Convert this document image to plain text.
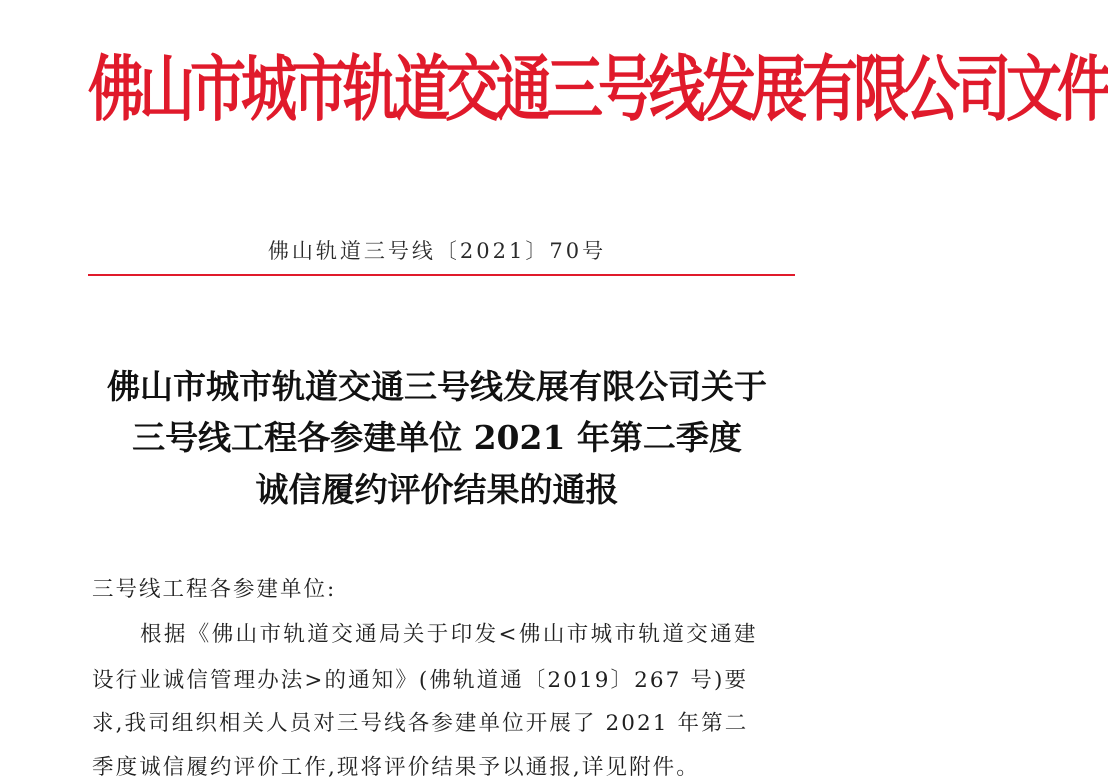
佛山市城市轨道交通三号线发展有限公司文件
佛山轨道三号线〔2021〕70号
佛山市城市轨道交通三号线发展有限公司关于
三号线工程各参建单位 2021 年第二季度
诚信履约评价结果的通报
三号线工程各参建单位:
根据《佛山市轨道交通局关于印发<佛山市城市轨道交通建
设行业诚信管理办法>的通知》(佛轨道通〔2019〕267 号)要
求,我司组织相关人员对三号线各参建单位开展了 2021 年第二
季度诚信履约评价工作,现将评价结果予以通报,详见附件。
